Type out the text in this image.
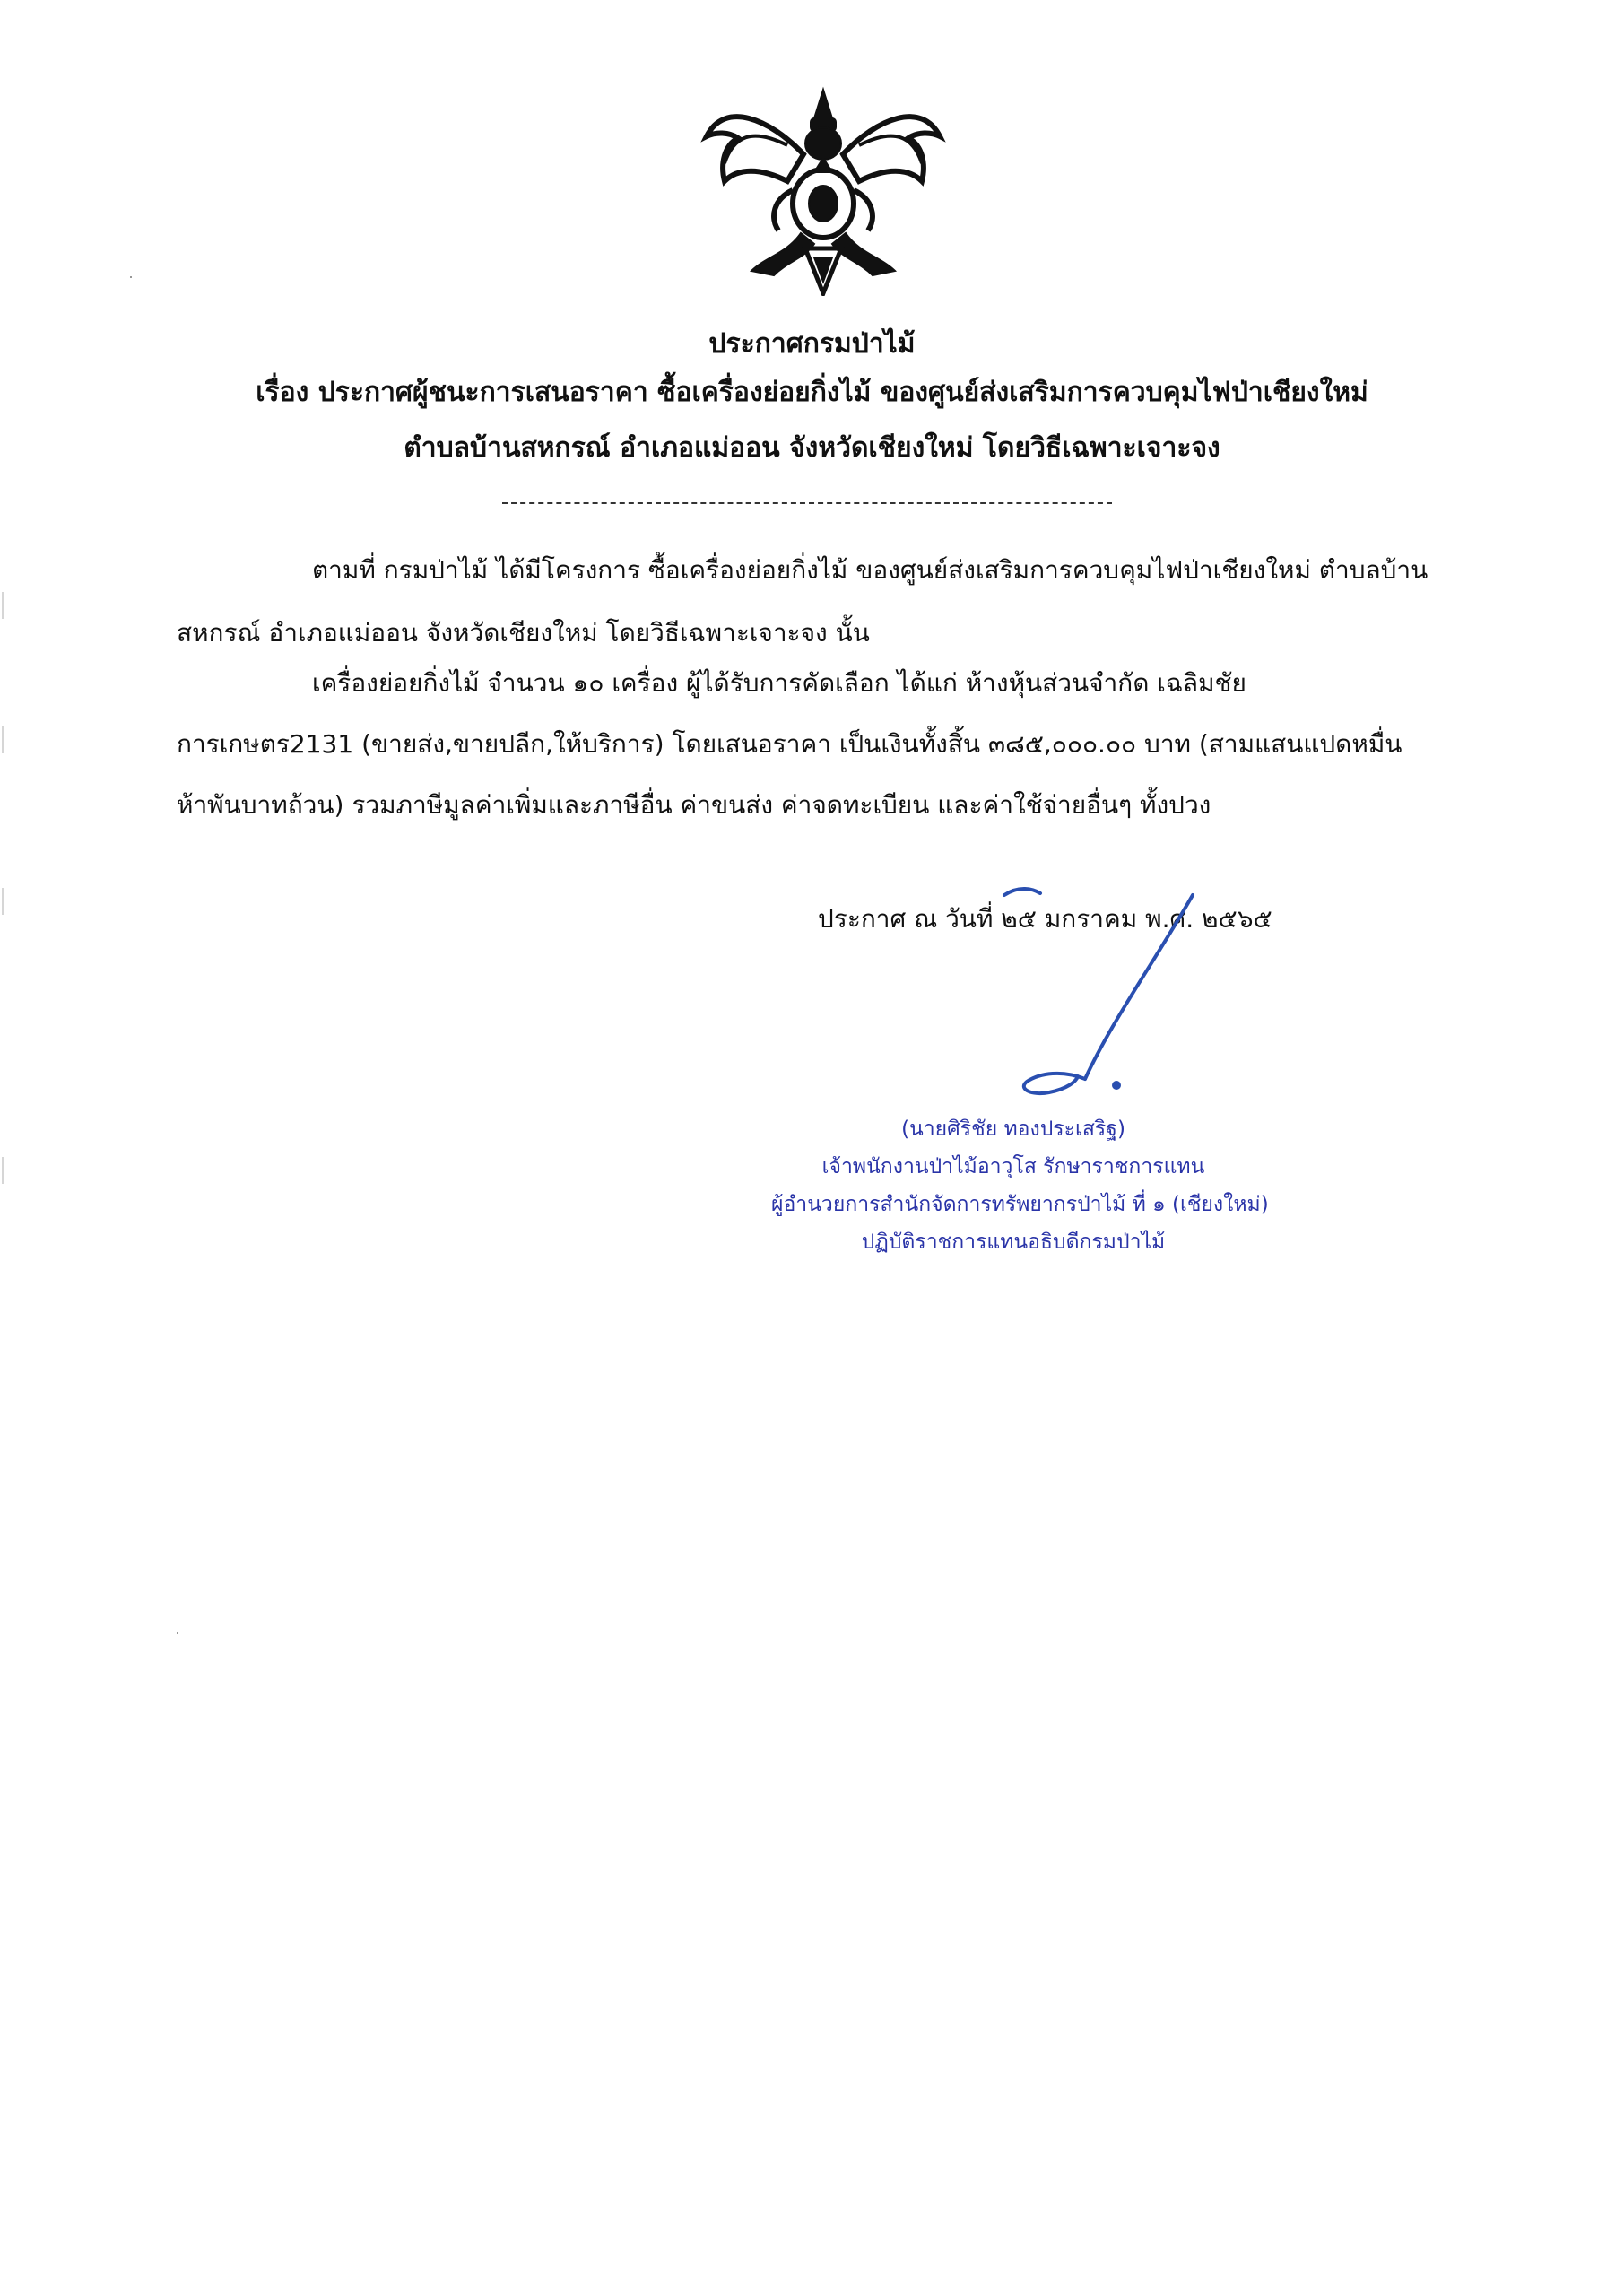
ประกาศกรมป่าไม้
เรื่อง ประกาศผู้ชนะการเสนอราคา ซื้อเครื่องย่อยกิ่งไม้ ของศูนย์ส่งเสริมการควบคุมไฟป่าเชียงใหม่
ตำบลบ้านสหกรณ์ อำเภอแม่ออน จังหวัดเชียงใหม่ โดยวิธีเฉพาะเจาะจง
ตามที่ กรมป่าไม้ ได้มีโครงการ ซื้อเครื่องย่อยกิ่งไม้ ของศูนย์ส่งเสริมการควบคุมไฟป่าเชียงใหม่ ตำบลบ้าน
สหกรณ์ อำเภอแม่ออน จังหวัดเชียงใหม่ โดยวิธีเฉพาะเจาะจง นั้น
เครื่องย่อยกิ่งไม้ จำนวน ๑๐ เครื่อง ผู้ได้รับการคัดเลือก ได้แก่ ห้างหุ้นส่วนจำกัด เฉลิมชัย
การเกษตร2131 (ขายส่ง,ขายปลีก,ให้บริการ) โดยเสนอราคา เป็นเงินทั้งสิ้น ๓๘๕,๐๐๐.๐๐ บาท (สามแสนแปดหมื่น
ห้าพันบาทถ้วน) รวมภาษีมูลค่าเพิ่มและภาษีอื่น ค่าขนส่ง ค่าจดทะเบียน และค่าใช้จ่ายอื่นๆ ทั้งปวง
ประกาศ ณ วันที่ ๒๕ มกราคม พ.ศ. ๒๕๖๕
(นายศิริชัย ทองประเสริฐ)
เจ้าพนักงานป่าไม้อาวุโส รักษาราชการแทน
ผู้อำนวยการสำนักจัดการทรัพยากรป่าไม้ ที่ ๑ (เชียงใหม่)
ปฏิบัติราชการแทนอธิบดีกรมป่าไม้
